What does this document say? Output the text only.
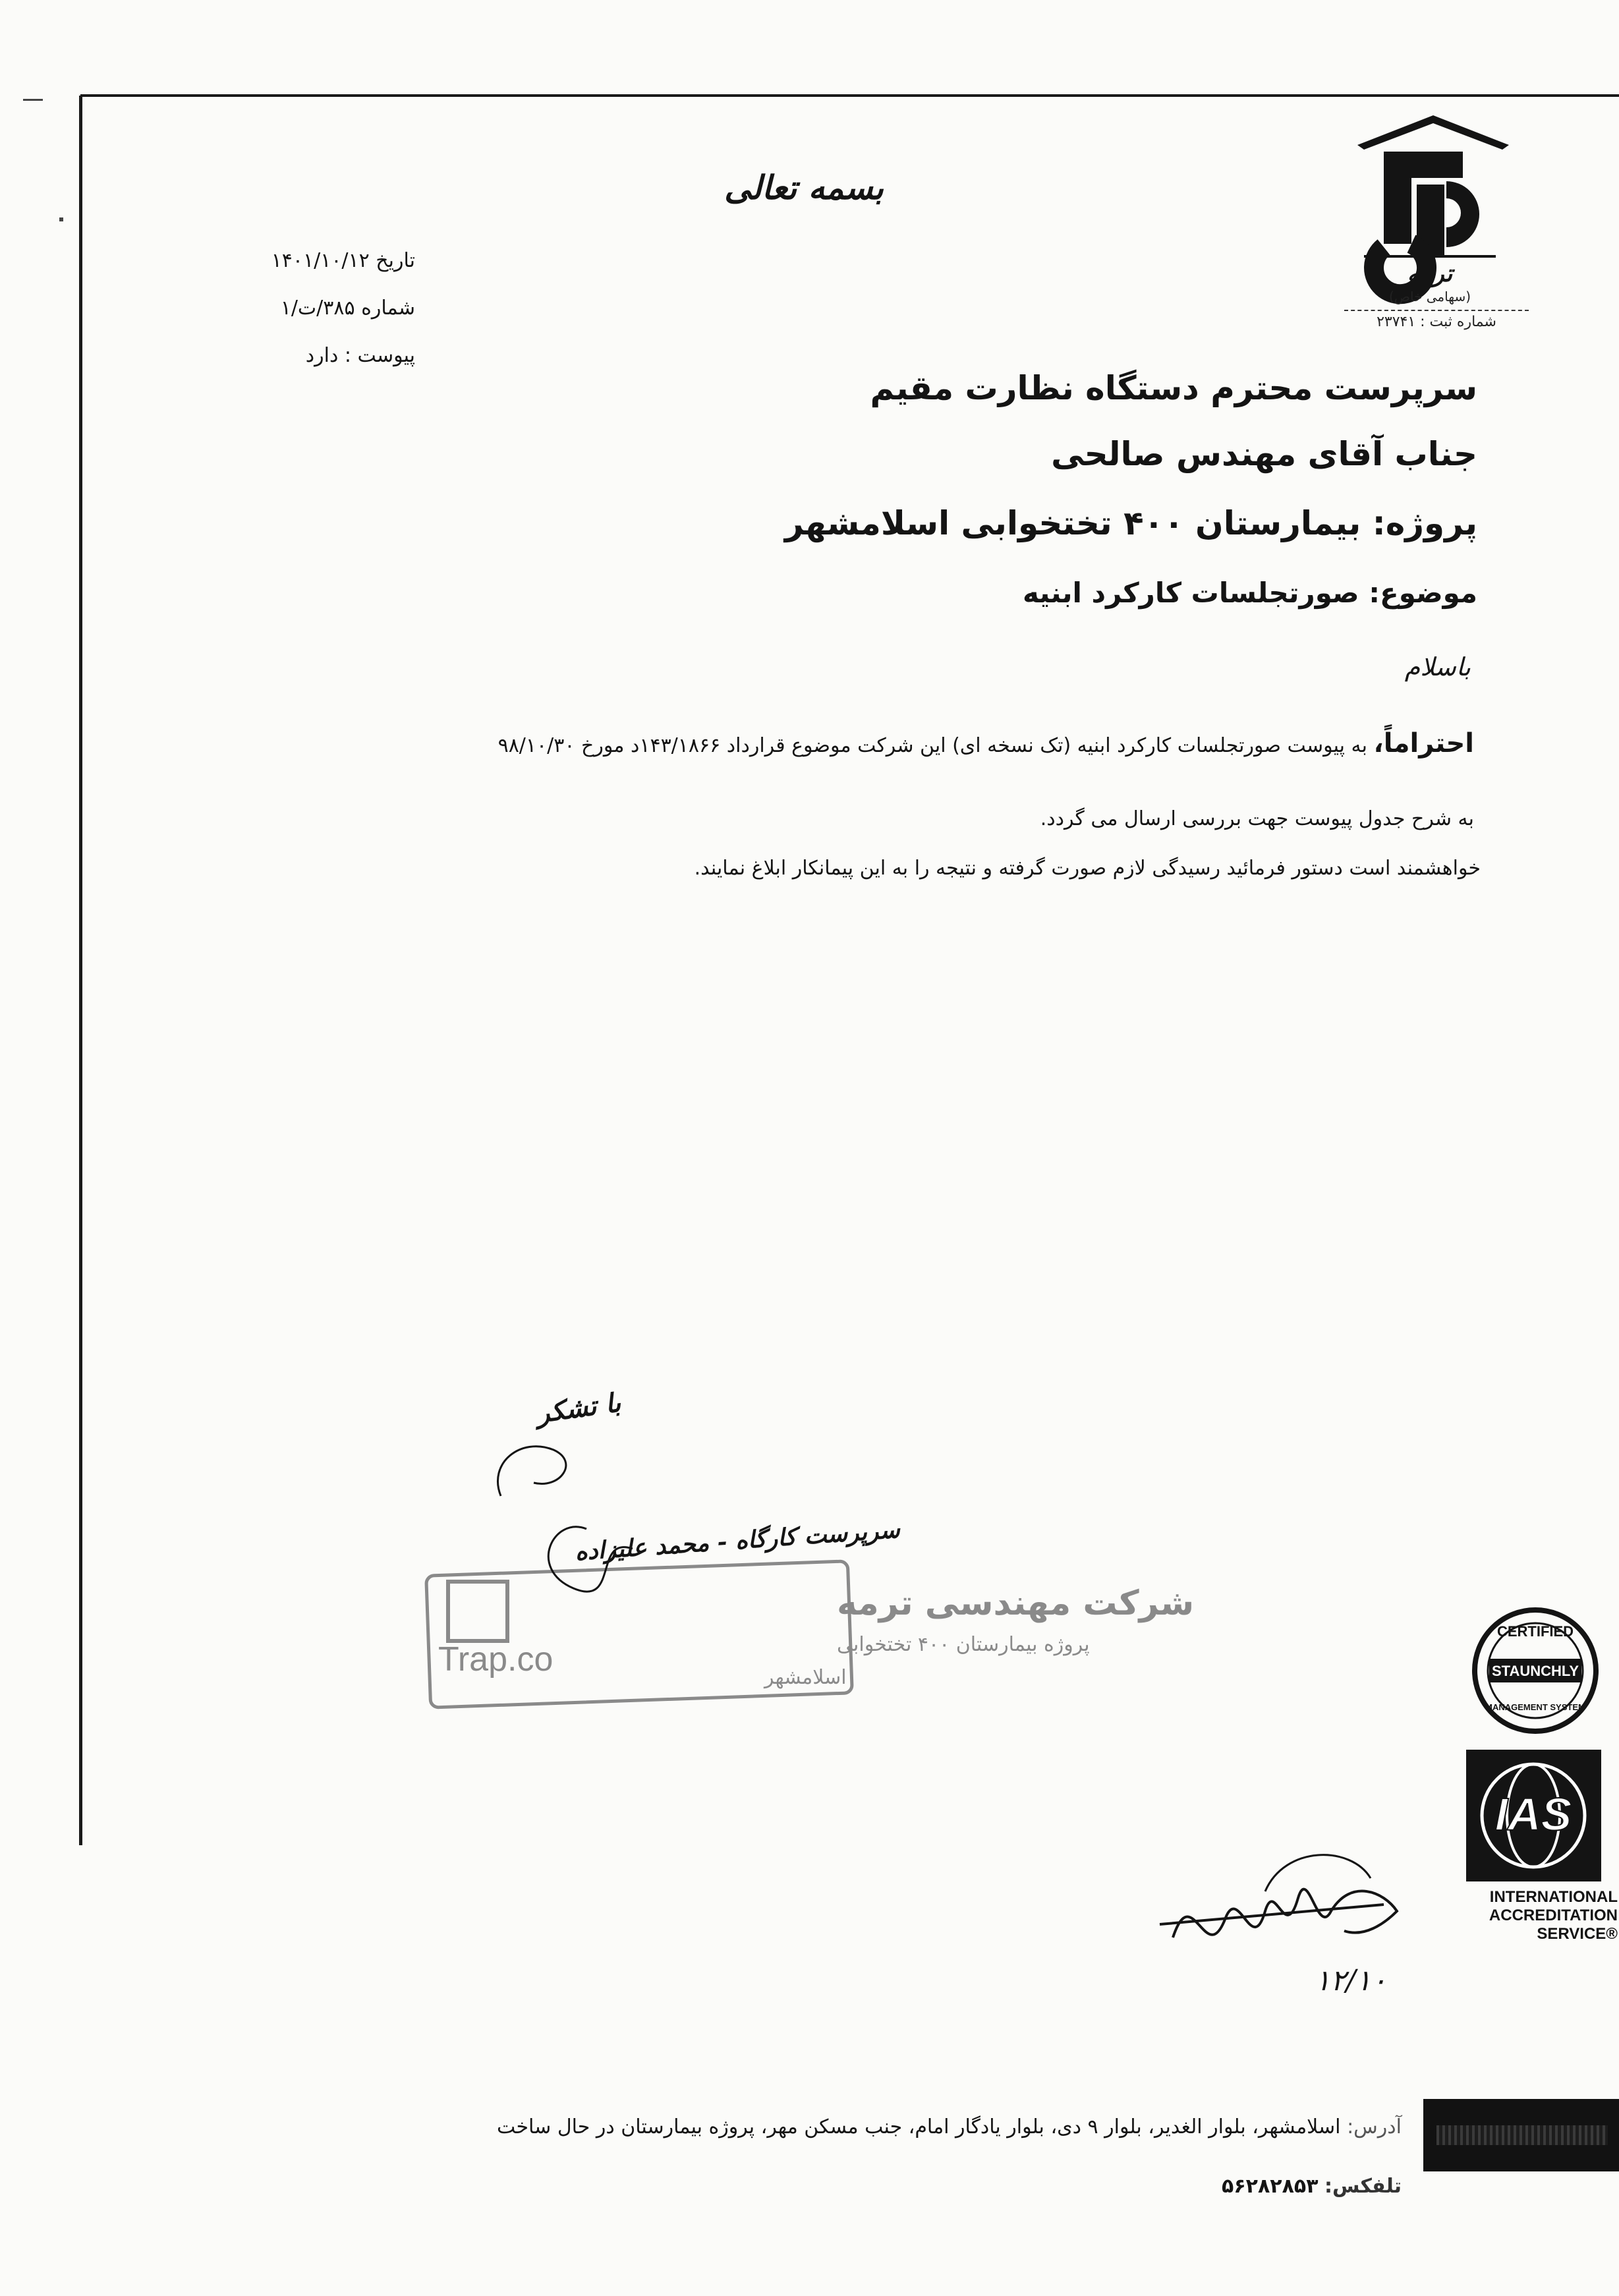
ترمه
(سهامی خاص)
شماره ثبت : ۲۳۷۴۱
بسمه تعالی
تاریخ ۱۴۰۱/۱۰/۱۲
شماره ۳۸۵/ت/۱
پیوست : دارد
سرپرست محترم دستگاه نظارت مقیم
جناب آقای مهندس صالحی
پروژه: بیمارستان ۴۰۰ تختخوابی اسلامشهر
موضوع: صورتجلسات کارکرد ابنیه
باسلام
احتراماً، به پیوست صورتجلسات کارکرد ابنیه (تک نسخه ای) این شرکت موضوع قرارداد ۱۴۳/۱۸۶۶د مورخ ۹۸/۱۰/۳۰
به شرح جدول پیوست جهت بررسی ارسال می گردد.
خواهشمند است دستور فرمائید رسیدگی لازم صورت گرفته و نتیجه را به این پیمانکار ابلاغ نمایند.
با تشکر
شرکت مهندسی ترمه
پروژه بیمارستان ۴۰۰ تختخوابی
اسلامشهر
Trap.co
سرپرست کارگاه - محمد علیزاده
CERTIFIED
STAUNCHLY
MANAGEMENT SYSTEM
IAS
INTERNATIONAL
ACCREDITATION
SERVICE®
۱۲/۱۰
آدرس: اسلامشهر، بلوار الغدیر، بلوار ۹ دی، بلوار یادگار امام، جنب مسکن مهر، پروژه بیمارستان در حال ساخت
تلفکس: ۵۶۲۸۲۸۵۳
